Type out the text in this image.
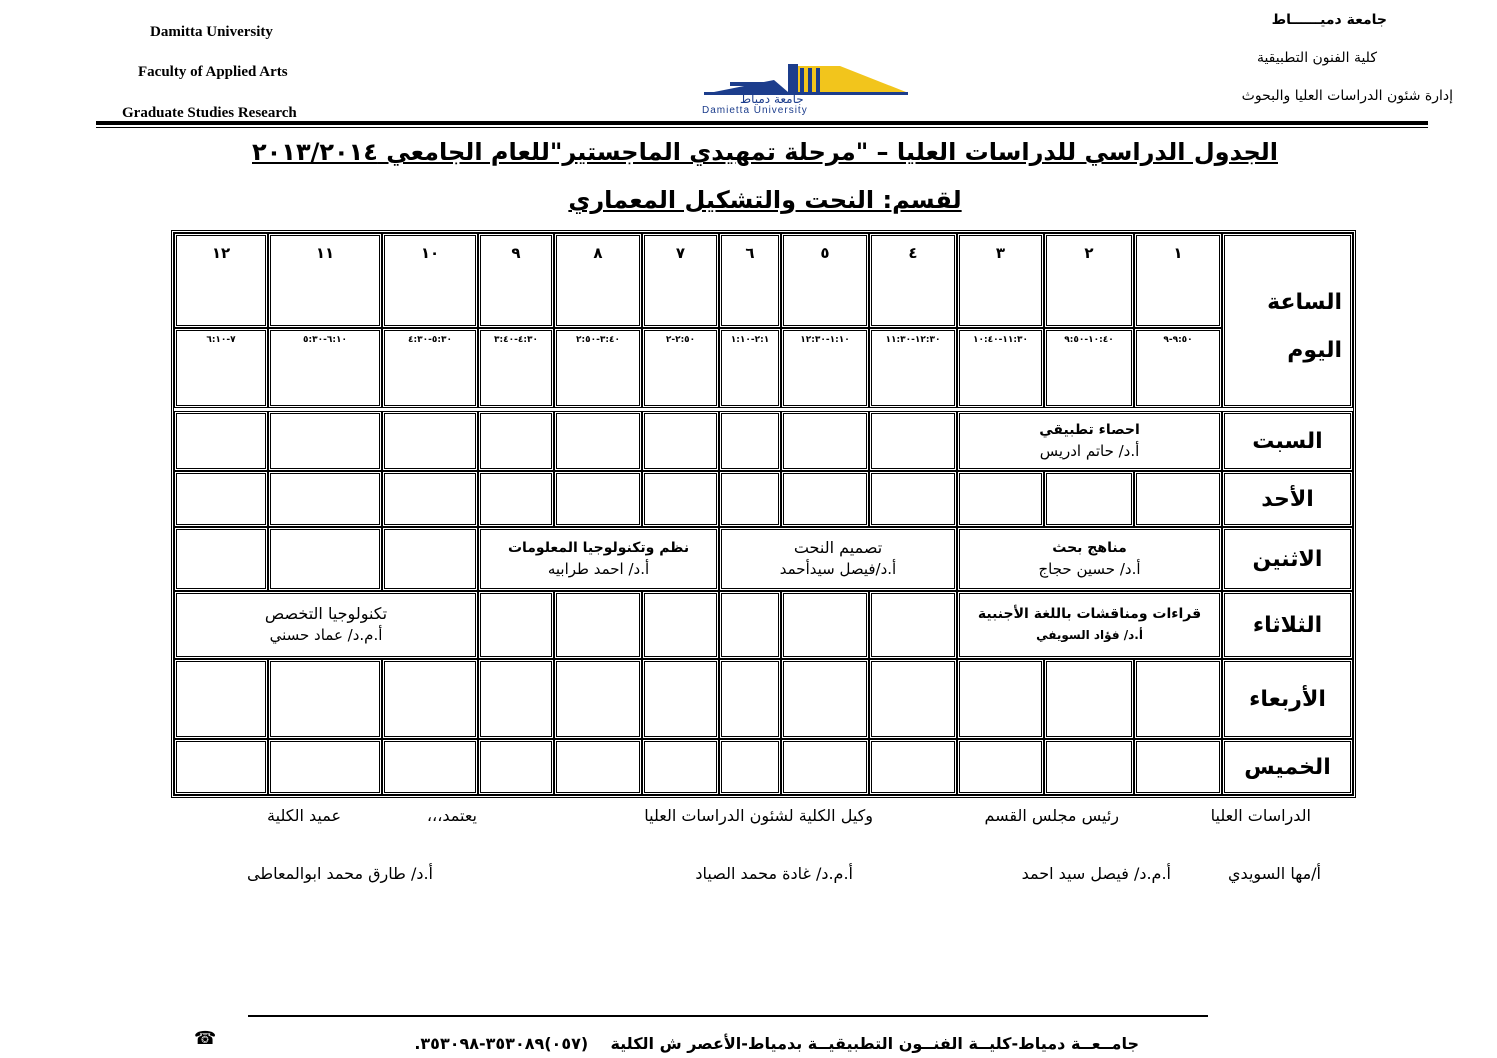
Damitta University
Faculty of Applied Arts
Graduate Studies Research
جامعة دميــــــاط
كلية الفنون التطبيقية
إدارة شئون الدراسات العليا والبحوث
جامعة دمياط
Damietta University
الجدول الدراسي للدراسات العليا – "مرحلة تمهيدي الماجستير"للعام الجامعي ٢٠١٣/٢٠١٤
لقسم: النحت والتشكيل المعماري
الساعة
اليوم
١٢
٧-٦:١٠
١١
٦:١٠-٥:٣٠
١٠
٥:٣٠-٤:٣٠
٩
٤:٣٠-٣:٤٠
٨
٣:٤٠-٢:٥٠
٧
٢:٥٠-٢
٦
٢:١-١:١٠
٥
١:١٠-١٢:٣٠
٤
١٢:٣٠-١١:٣٠
٣
١١:٣٠-١٠:٤٠
٢
١٠:٤٠-٩:٥٠
١
٩:٥٠-٩
السبت
الأحد
الاثنين
الثلاثاء
الأربعاء
الخميس
احصاء تطبيقي
أ.د/ حاتم ادريس
مناهج بحث
أ.د/ حسين حجاج
تصميم النحت
أ.د/فيصل سيدأحمد
نظم وتكنولوجيا المعلومات
أ.د/ احمد طرابيه
قراءات ومناقشات باللغة الأجنبية
أ.د/ فؤاد السويفي
تكنولوجيا التخصص
أ.م.د/ عماد حسني
الدراسات العليا
رئيس مجلس القسم
وكيل الكلية لشئون الدراسات العليا
يعتمد،،،
عميد الكلية
أ/مها السويدي
أ.م.د/ فيصل سيد احمد
أ.م.د/ غادة محمد الصياد
أ.د/ طارق محمد ابوالمعاطى
☎	جامــعــة دمياط-كليــة الفنــون التطبيقيــة بدمياط-الأعصر ش الكلية    (٠٥٧)٣٥٣٠٨٩-٣٥٣٠٩٨.
